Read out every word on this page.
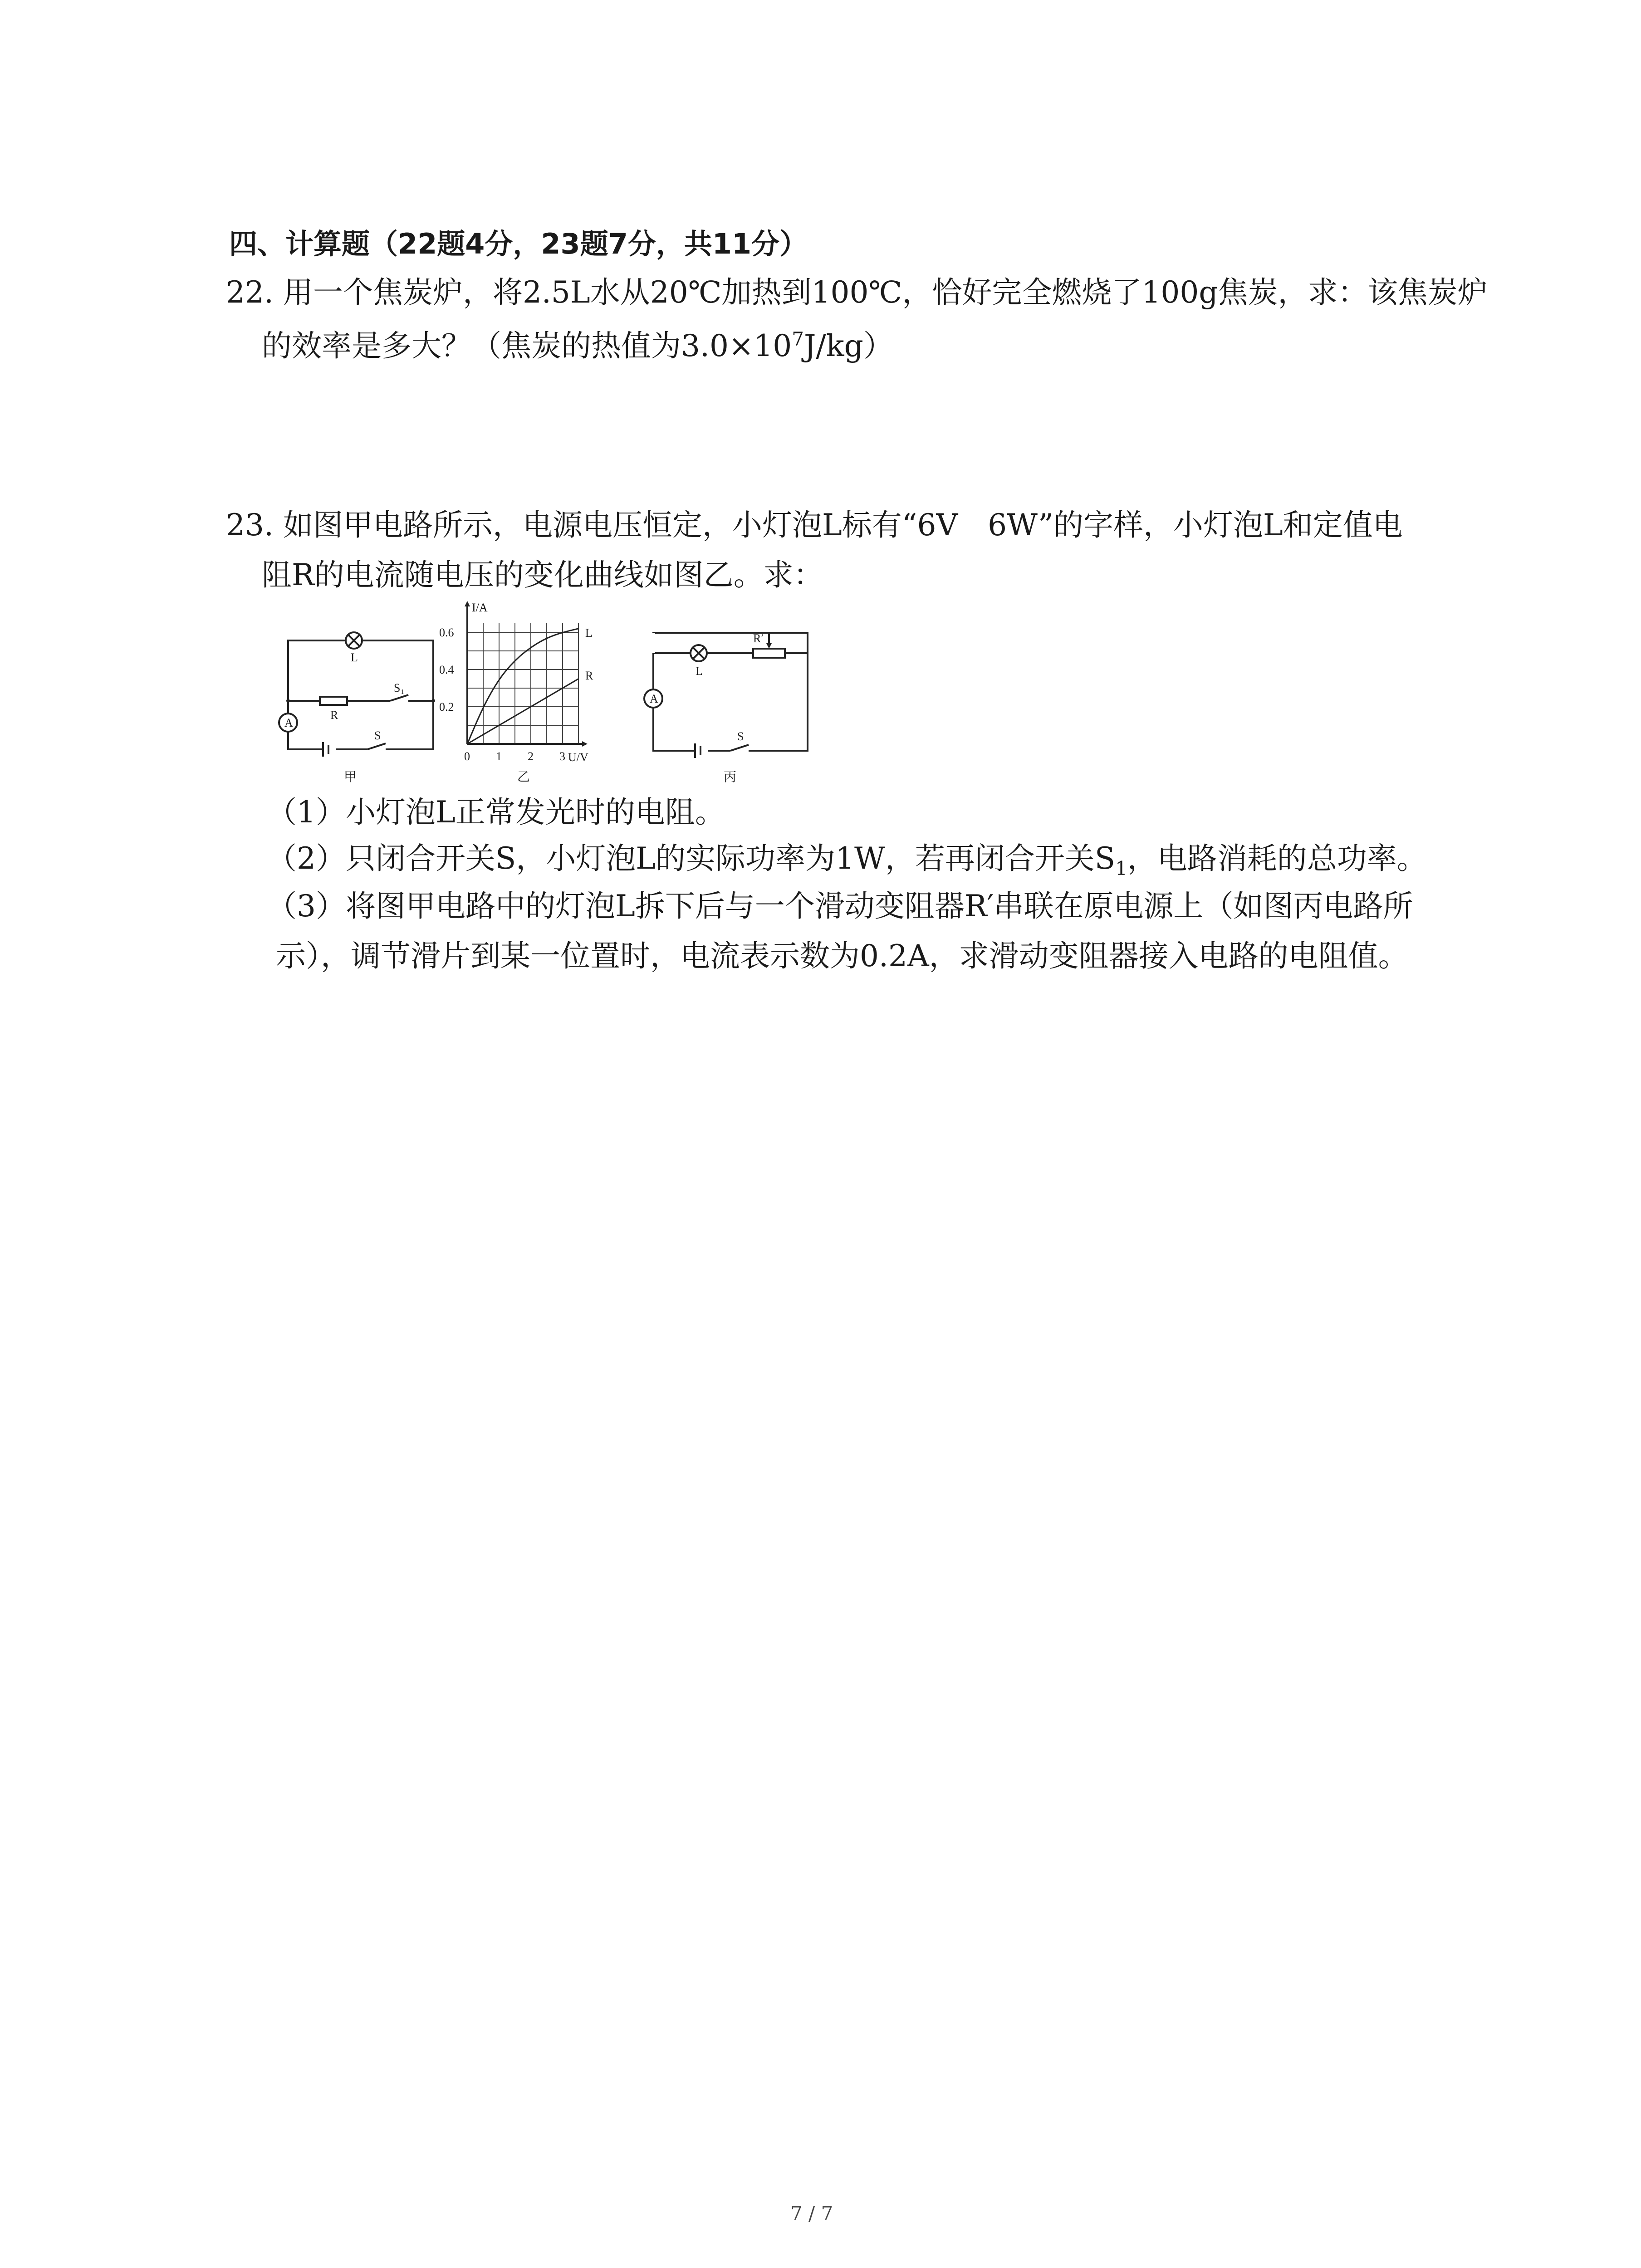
四、计算题（22题4分，23题7分，共11分）
22. 用一个焦炭炉，将2.5L水从20℃加热到100℃，恰好完全燃烧了100g焦炭，求：该焦炭炉
的效率是多大？（焦炭的热值为$3.0\times 10^7J/kg$）
23. 如图甲电路所示，电源电压恒定，小灯泡L标有“6V　6W”的字样，小灯泡L和定值电
阻R的电流随电压的变化曲线如图乙。求：
L
R
S₁
S
A
甲
0.6
0.4
0.2
0 1 2 3
I/A
U/V
L
R
乙
L
R′
S
A
丙
（1）小灯泡L正常发光时的电阻。
（2）只闭合开关S，小灯泡L的实际功率为1W，若再闭合开关$S_1$，电路消耗的总功率。
（3）将图甲电路中的灯泡L拆下后与一个滑动变阻器R′串联在原电源上（如图丙电路所
示），调节滑片到某一位置时，电流表示数为0.2A，求滑动变阻器接入电路的电阻值。
7 / 7
